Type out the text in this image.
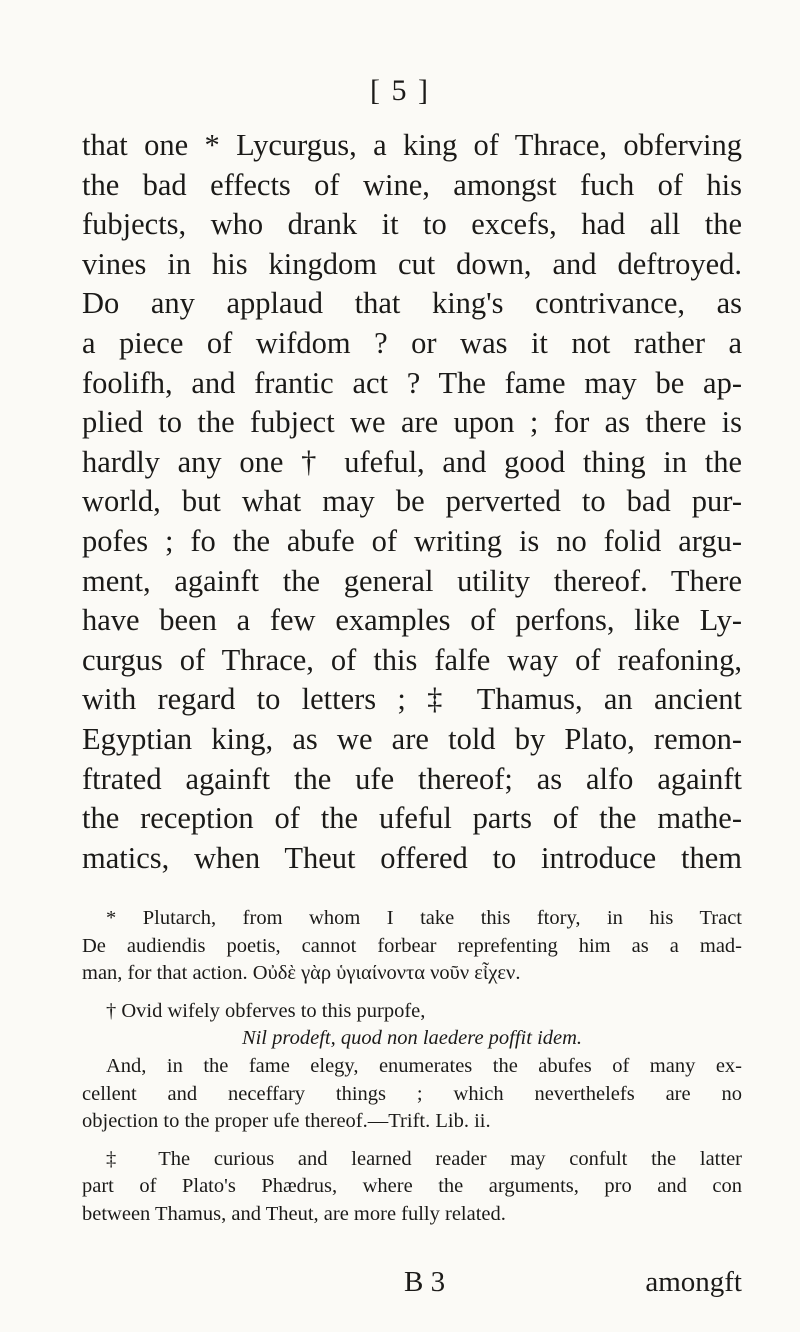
[ 5 ]
that one * Lycurgus, a king of Thrace, obferving
the bad effects of wine, amongst fuch of his
fubjects, who drank it to excefs, had all the
vines in his kingdom cut down, and deftroyed.
Do any applaud that king's contrivance, as
a piece of wifdom ? or was it not rather a
foolifh, and frantic act ? The fame may be ap-
plied to the fubject we are upon ; for as there is
hardly any one † ufeful, and good thing in the
world, but what may be perverted to bad pur-
pofes ; fo the abufe of writing is no folid argu-
ment, againft the general utility thereof. There
have been a few examples of perfons, like Ly-
curgus of Thrace, of this falfe way of reafoning,
with regard to letters ; ‡ Thamus, an ancient
Egyptian king, as we are told by Plato, remon-
ftrated againft the ufe thereof; as alfo againft
the reception of the ufeful parts of the mathe-
matics, when Theut offered to introduce them
* Plutarch, from whom I take this ftory, in his Tract
De audiendis poetis, cannot forbear reprefenting him as a mad-
man, for that action. Οὐδὲ γὰρ ὑγιαίνοντα νοῦν εἶχεν.
† Ovid wifely obferves to this purpofe,
Nil prodeft, quod non laedere poffit idem.
And, in the fame elegy, enumerates the abufes of many ex-
cellent and neceffary things ; which neverthelefs are no
objection to the proper ufe thereof.—Trift. Lib. ii.
‡ The curious and learned reader may confult the latter
part of Plato's Phædrus, where the arguments, pro and con
between Thamus, and Theut, are more fully related.
B 3	amongft
